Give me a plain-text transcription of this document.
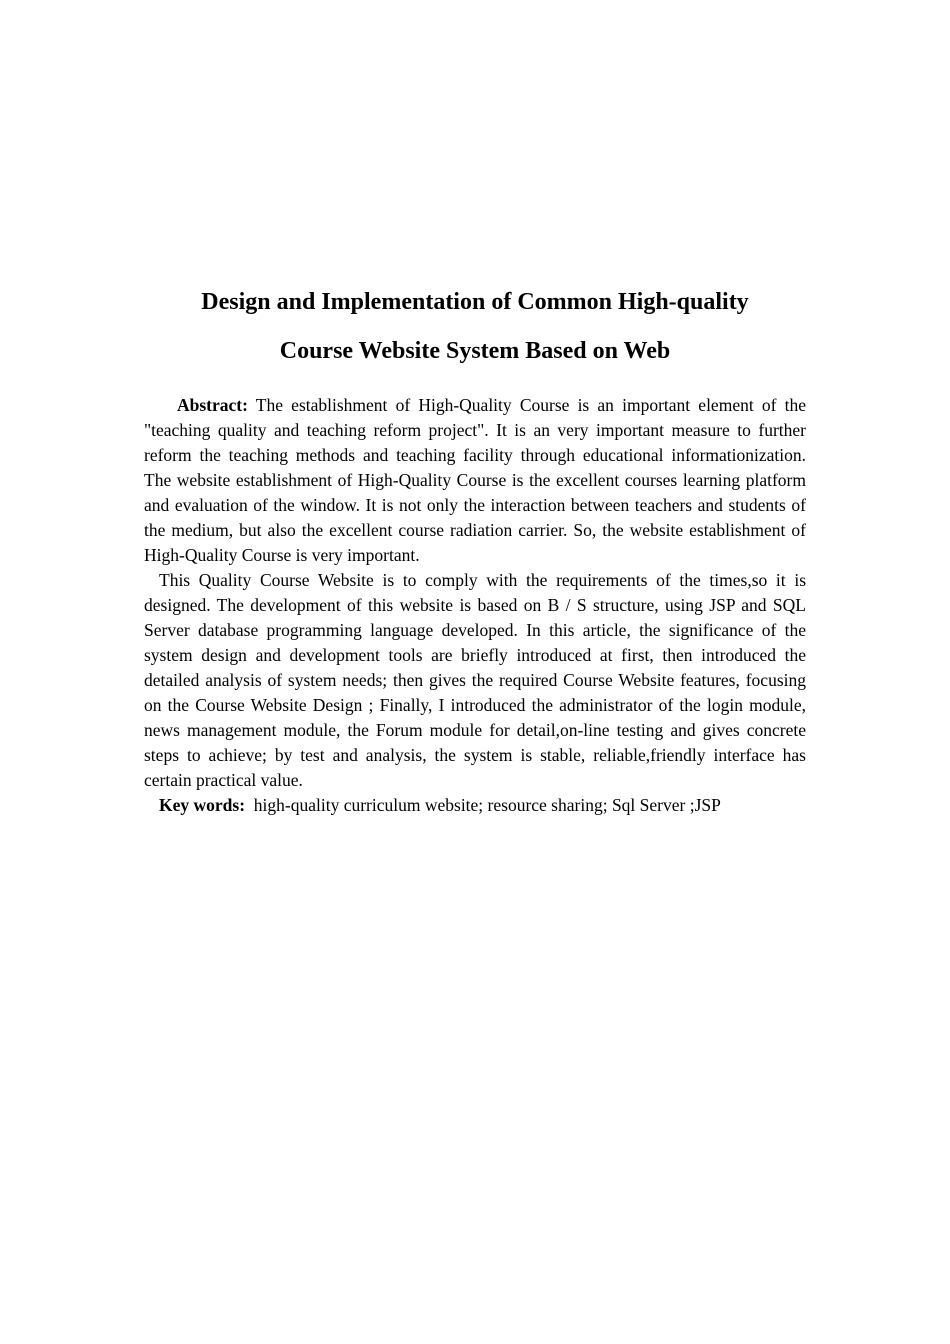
Design and Implementation of Common High-quality

Course Website System Based on Web

Abstract: The establishment of High-Quality Course is an important element of the "teaching quality and teaching reform project". It is an very important measure to further reform the teaching methods and teaching facility through educational informationization. The website establishment of High-Quality Course is the excellent courses learning platform and evaluation of the window. It is not only the interaction between teachers and students of the medium, but also the excellent course radiation carrier. So, the website establishment of High-Quality Course is very important.

This Quality Course Website is to comply with the requirements of the times,so it is designed. The development of this website is based on B / S structure, using JSP and SQL Server database programming language developed. In this article, the significance of the system design and development tools are briefly introduced at first, then introduced the detailed analysis of system needs; then gives the required Course Website features, focusing on the Course Website Design ; Finally, I introduced the administrator of the login module, news management module, the Forum module for detail,on-line testing and gives concrete steps to achieve; by test and analysis, the system is stable, reliable,friendly interface has certain practical value.

Key words:  high-quality curriculum website; resource sharing; Sql Server ;JSP
